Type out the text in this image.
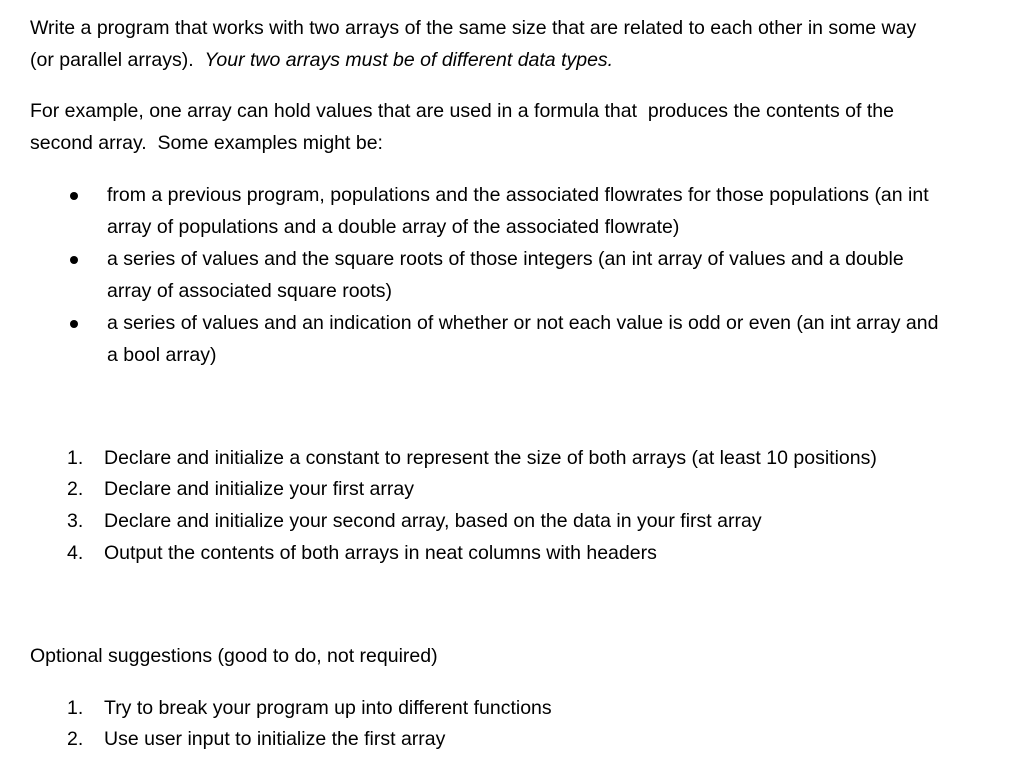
Write a program that works with two arrays of the same size that are related to each other in some way
(or parallel arrays).  Your two arrays must be of different data types.
For example, one array can hold values that are used in a formula that  produces the contents of the
second array.  Some examples might be:
from a previous program, populations and the associated flowrates for those populations (an int
array of populations and a double array of the associated flowrate)
a series of values and the square roots of those integers (an int array of values and a double
array of associated square roots)
a series of values and an indication of whether or not each value is odd or even (an int array and
a bool array)
1.	Declare and initialize a constant to represent the size of both arrays (at least 10 positions)
2.	Declare and initialize your first array
3.	Declare and initialize your second array, based on the data in your first array
4.	Output the contents of both arrays in neat columns with headers
Optional suggestions (good to do, not required)
1.	Try to break your program up into different functions
2.	Use user input to initialize the first array
